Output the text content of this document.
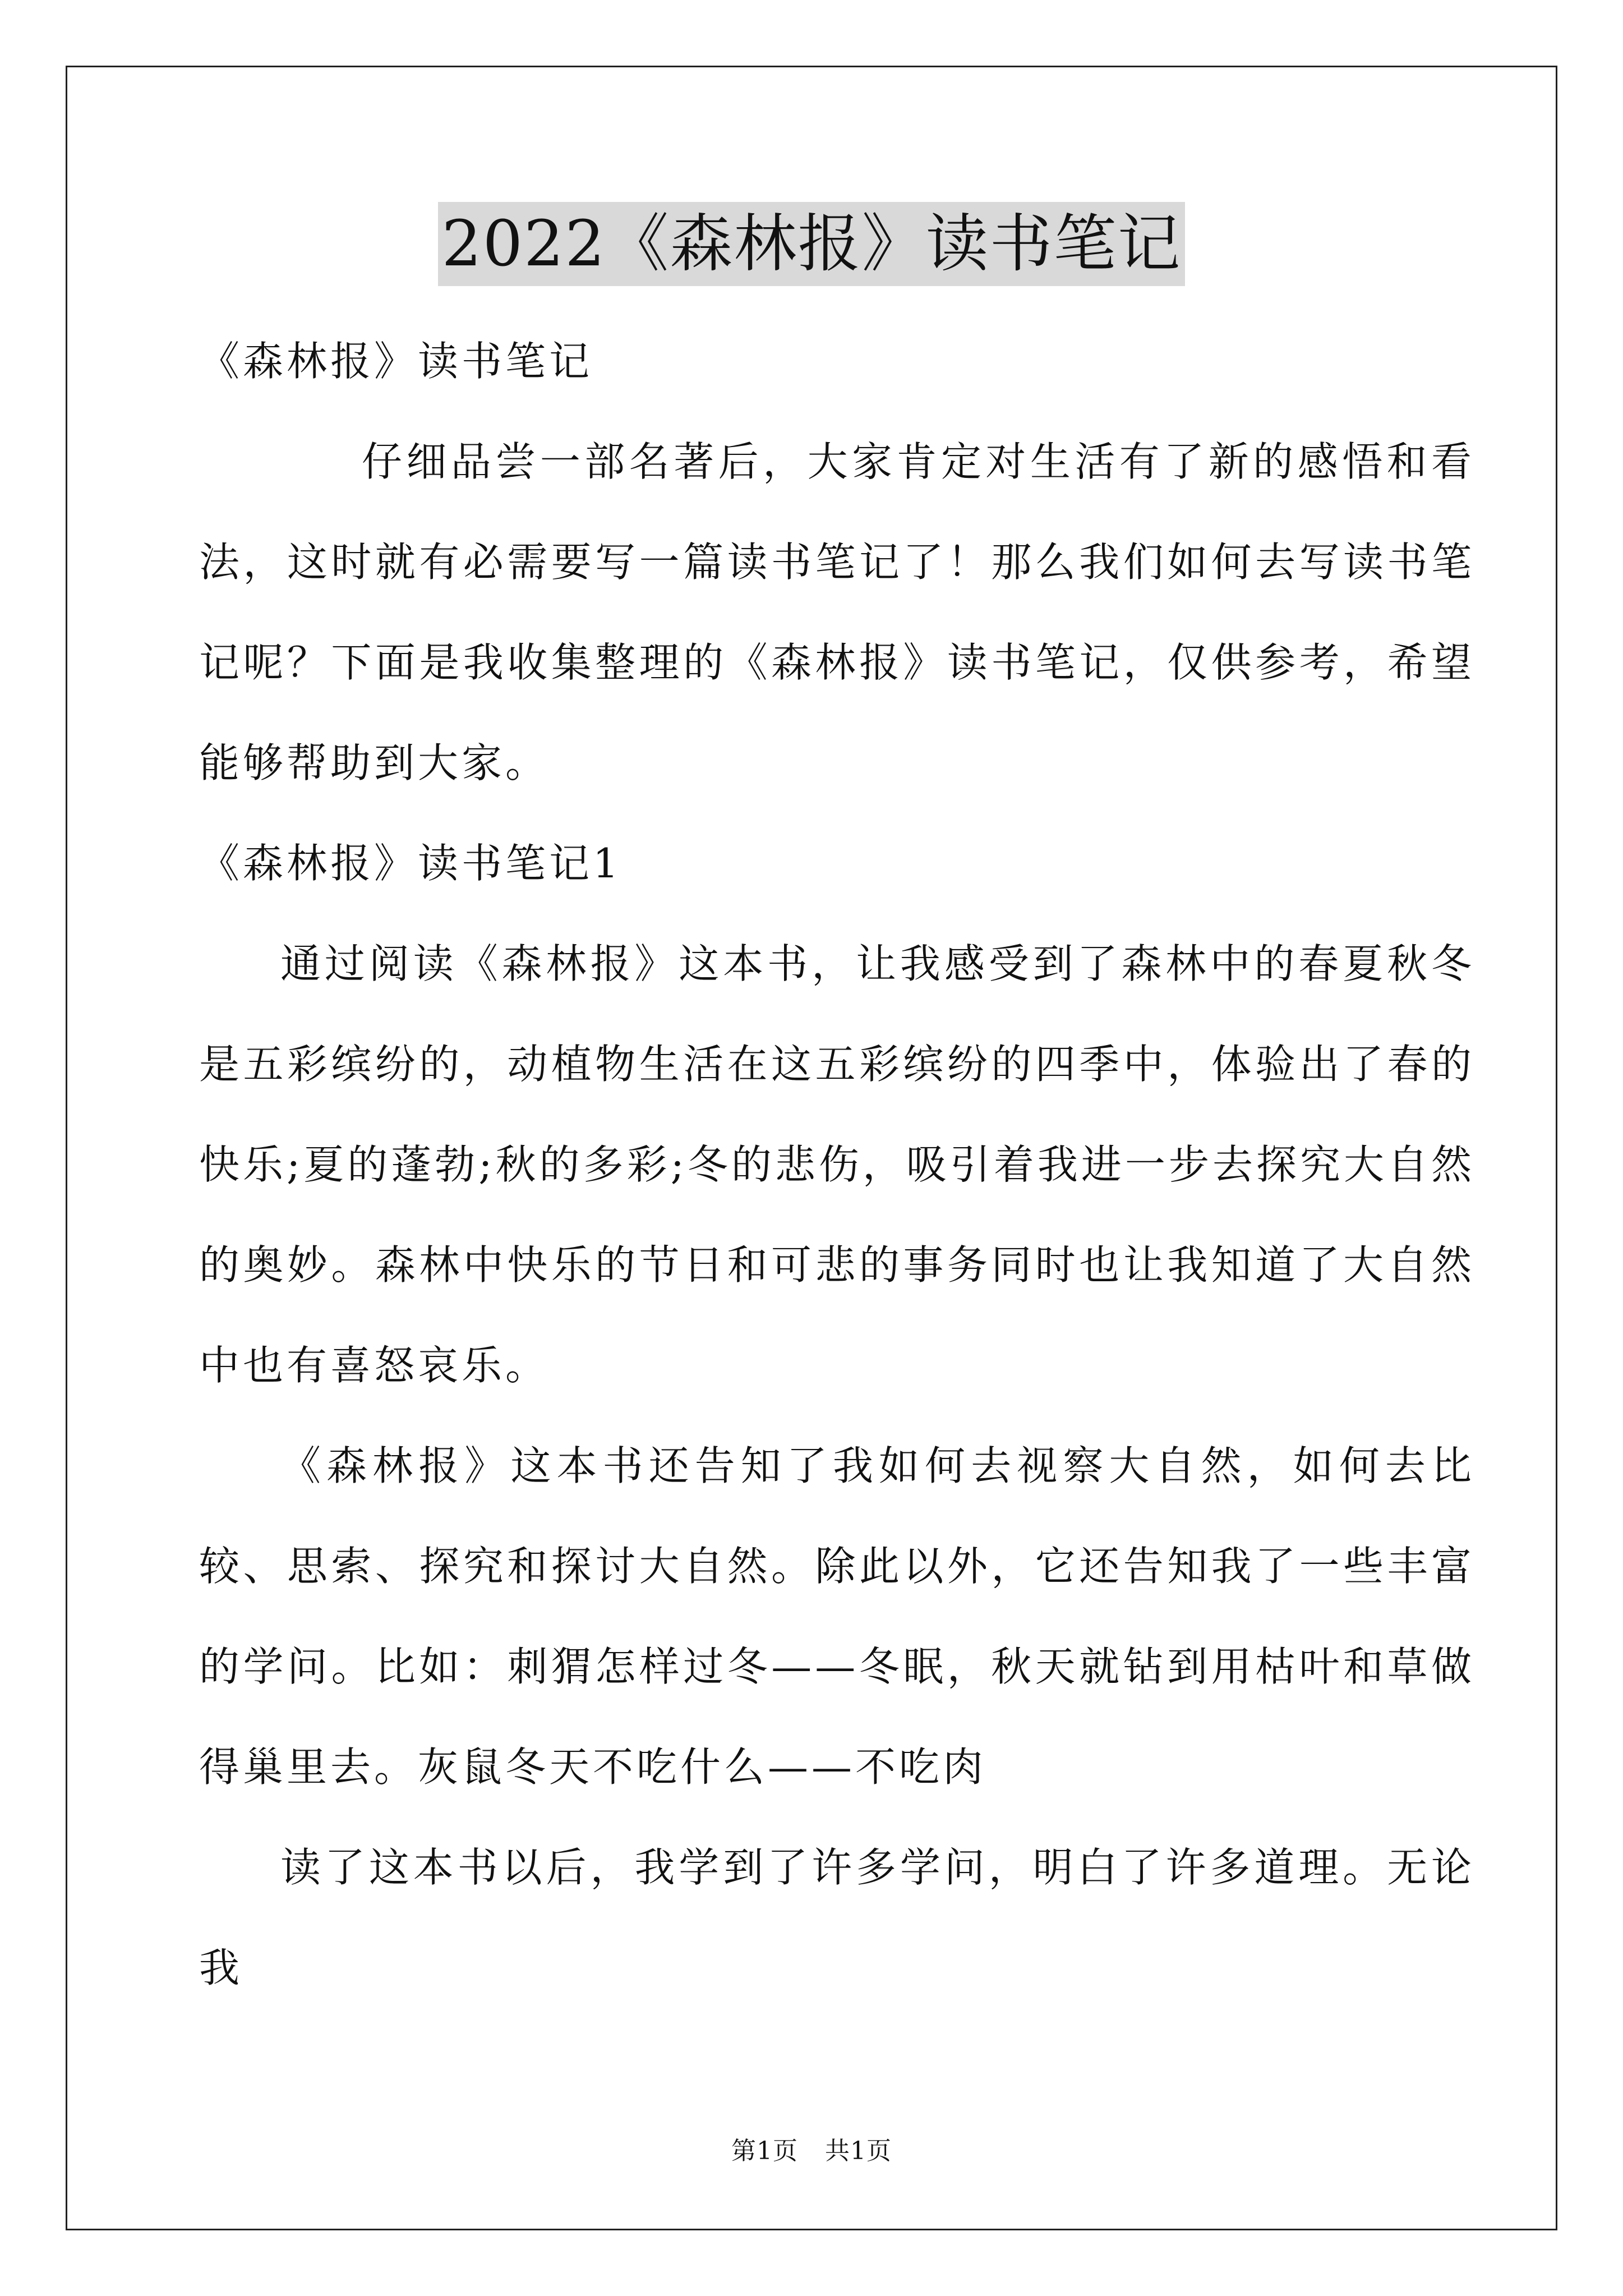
2022《森林报》读书笔记

《森林报》读书笔记

仔细品尝一部名著后，大家肯定对生活有了新的感悟和看法，这时就有必需要写一篇读书笔记了！那么我们如何去写读书笔记呢？下面是我收集整理的《森林报》读书笔记，仅供参考，希望能够帮助到大家。

《森林报》读书笔记1

通过阅读《森林报》这本书，让我感受到了森林中的春夏秋冬是五彩缤纷的，动植物生活在这五彩缤纷的四季中，体验出了春的快乐;夏的蓬勃;秋的多彩;冬的悲伤，吸引着我进一步去探究大自然的奥妙。森林中快乐的节日和可悲的事务同时也让我知道了大自然中也有喜怒哀乐。

《森林报》这本书还告知了我如何去视察大自然，如何去比较、思索、探究和探讨大自然。除此以外，它还告知我了一些丰富的学问。比如：刺猬怎样过冬——冬眠，秋天就钻到用枯叶和草做得巢里去。灰鼠冬天不吃什么——不吃肉

读了这本书以后，我学到了许多学问，明白了许多道理。无论我

第1页 共1页
